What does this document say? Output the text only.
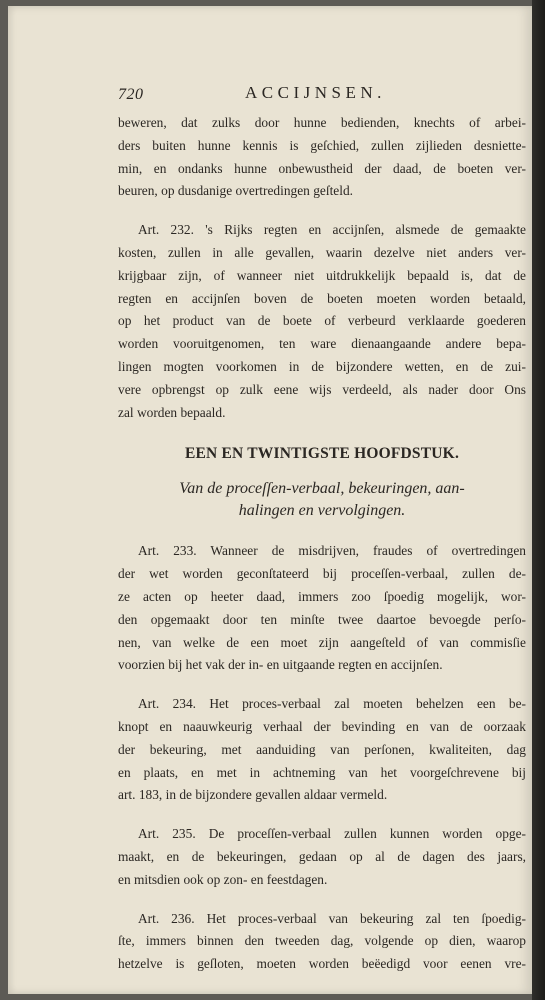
720	ACCIJNSEN.
beweren, dat zulks door hunne bedienden, knechts of arbei-
ders buiten hunne kennis is geſchied, zullen zijlieden desniette-
min, en ondanks hunne onbewustheid der daad, de boeten ver-
beuren, op dusdanige overtredingen geſteld.
Art. 232. 's Rijks regten en accijnſen, alsmede de gemaakte
kosten, zullen in alle gevallen, waarin dezelve niet anders ver-
krijgbaar zijn, of wanneer niet uitdrukkelijk bepaald is, dat de
regten en accijnſen boven de boeten moeten worden betaald,
op het product van de boete of verbeurd verklaarde goederen
worden vooruitgenomen, ten ware dienaangaande andere bepa-
lingen mogten voorkomen in de bijzondere wetten, en de zui-
vere opbrengst op zulk eene wijs verdeeld, als nader door Ons
zal worden bepaald.
EEN EN TWINTIGSTE HOOFDSTUK.
Van de proceſſen-verbaal, bekeuringen, aan-
halingen en vervolgingen.
Art. 233. Wanneer de misdrijven, fraudes of overtredingen
der wet worden geconſtateerd bij proceſſen-verbaal, zullen de-
ze acten op heeter daad, immers zoo ſpoedig mogelijk, wor-
den opgemaakt door ten minſte twee daartoe bevoegde perſo-
nen, van welke de een moet zijn aangeſteld of van commisſie
voorzien bij het vak der in- en uitgaande regten en accijnſen.
Art. 234. Het proces-verbaal zal moeten behelzen een be-
knopt en naauwkeurig verhaal der bevinding en van de oorzaak
der bekeuring, met aanduiding van perſonen, kwaliteiten, dag
en plaats, en met in achtneming van het voorgeſchrevene bij
art. 183, in de bijzondere gevallen aldaar vermeld.
Art. 235. De proceſſen-verbaal zullen kunnen worden opge-
maakt, en de bekeuringen, gedaan op al de dagen des jaars,
en mitsdien ook op zon- en feestdagen.
Art. 236. Het proces-verbaal van bekeuring zal ten ſpoedig-
ſte, immers binnen den tweeden dag, volgende op dien, waarop
hetzelve is geſloten, moeten worden beëedigd voor eenen vre-
